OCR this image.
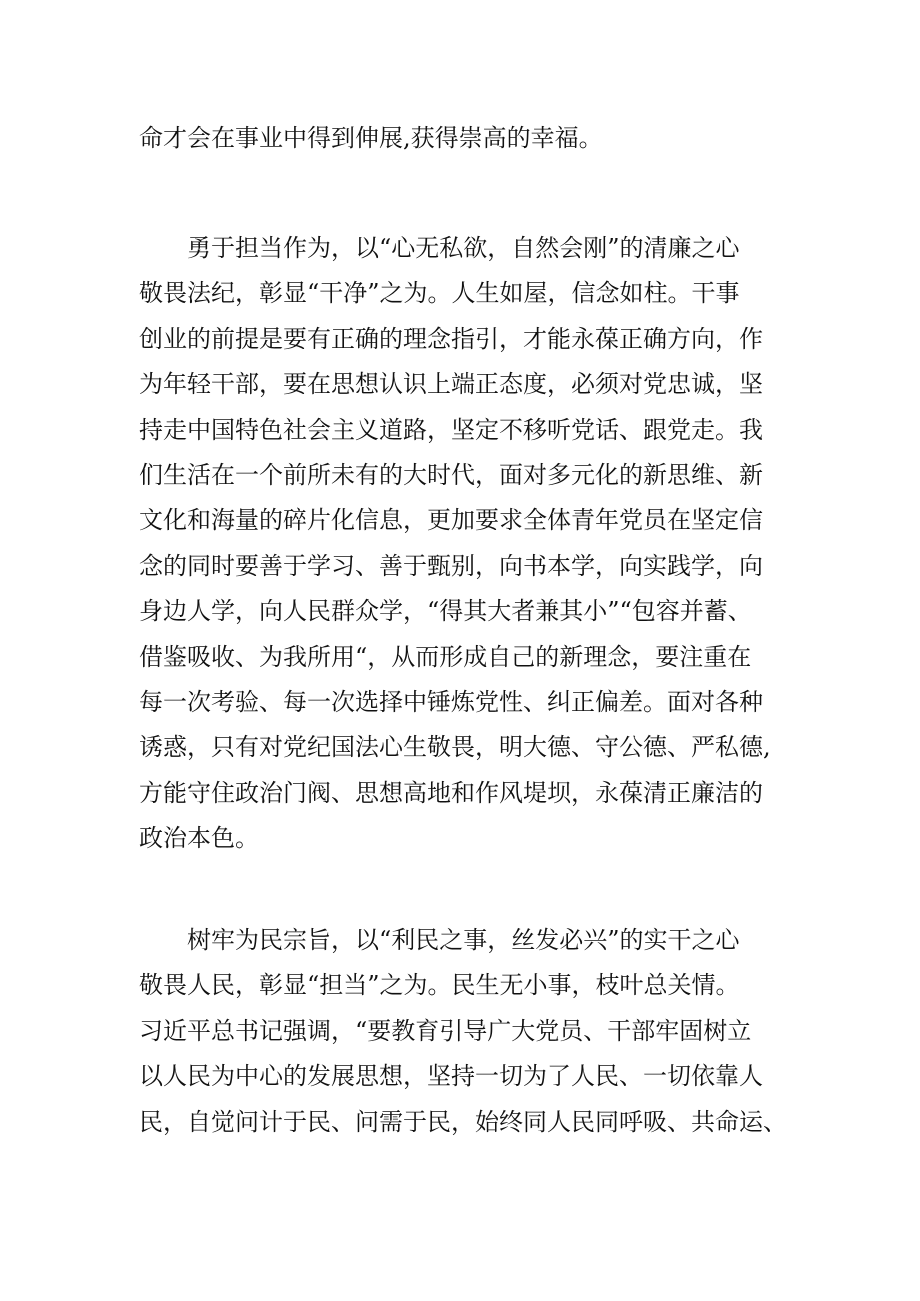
命才会在事业中得到伸展,获得崇高的幸福。
勇于担当作为，以“心无私欲，自然会刚”的清廉之心
敬畏法纪，彰显“干净”之为。人生如屋，信念如柱。干事
创业的前提是要有正确的理念指引，才能永葆正确方向，作
为年轻干部，要在思想认识上端正态度，必须对党忠诚，坚
持走中国特色社会主义道路，坚定不移听党话、跟党走。我
们生活在一个前所未有的大时代，面对多元化的新思维、新
文化和海量的碎片化信息，更加要求全体青年党员在坚定信
念的同时要善于学习、善于甄别，向书本学，向实践学，向
身边人学，向人民群众学，“得其大者兼其小”“包容并蓄、
借鉴吸收、为我所用“，从而形成自己的新理念，要注重在
每一次考验、每一次选择中锤炼党性、纠正偏差。面对各种
诱惑，只有对党纪国法心生敬畏，明大德、守公德、严私德,
方能守住政治门阀、思想高地和作风堤坝，永葆清正廉洁的
政治本色。
树牢为民宗旨，以“利民之事，丝发必兴”的实干之心
敬畏人民，彰显“担当”之为。民生无小事，枝叶总关情。
习近平总书记强调，“要教育引导广大党员、干部牢固树立
以人民为中心的发展思想，坚持一切为了人民、一切依靠人
民，自觉问计于民、问需于民，始终同人民同呼吸、共命运、
